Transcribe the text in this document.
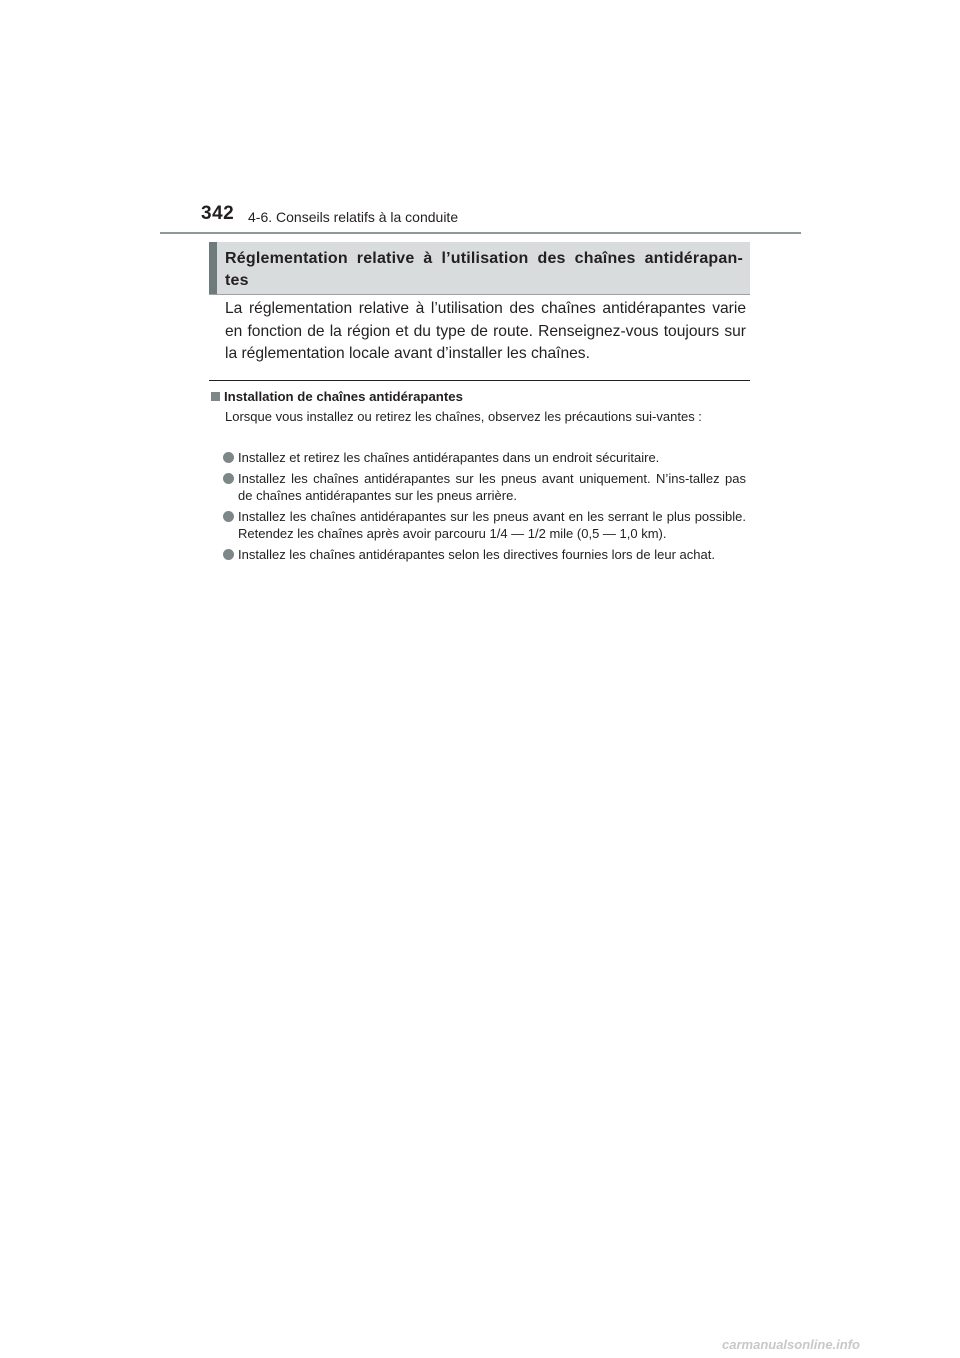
342 4-6. Conseils relatifs à la conduite
Réglementation relative à l’utilisation des chaînes antidérapan-tes
La réglementation relative à l’utilisation des chaînes antidérapantes varie en fonction de la région et du type de route. Renseignez-vous toujours sur la réglementation locale avant d’installer les chaînes.
Installation de chaînes antidérapantes
Lorsque vous installez ou retirez les chaînes, observez les précautions sui-vantes :
Installez et retirez les chaînes antidérapantes dans un endroit sécuritaire.
Installez les chaînes antidérapantes sur les pneus avant uniquement. N’ins-tallez pas de chaînes antidérapantes sur les pneus arrière.
Installez les chaînes antidérapantes sur les pneus avant en les serrant le plus possible. Retendez les chaînes après avoir parcouru 1/4 — 1/2 mile (0,5 — 1,0 km).
Installez les chaînes antidérapantes selon les directives fournies lors de leur achat.
carmanualsonline.info
